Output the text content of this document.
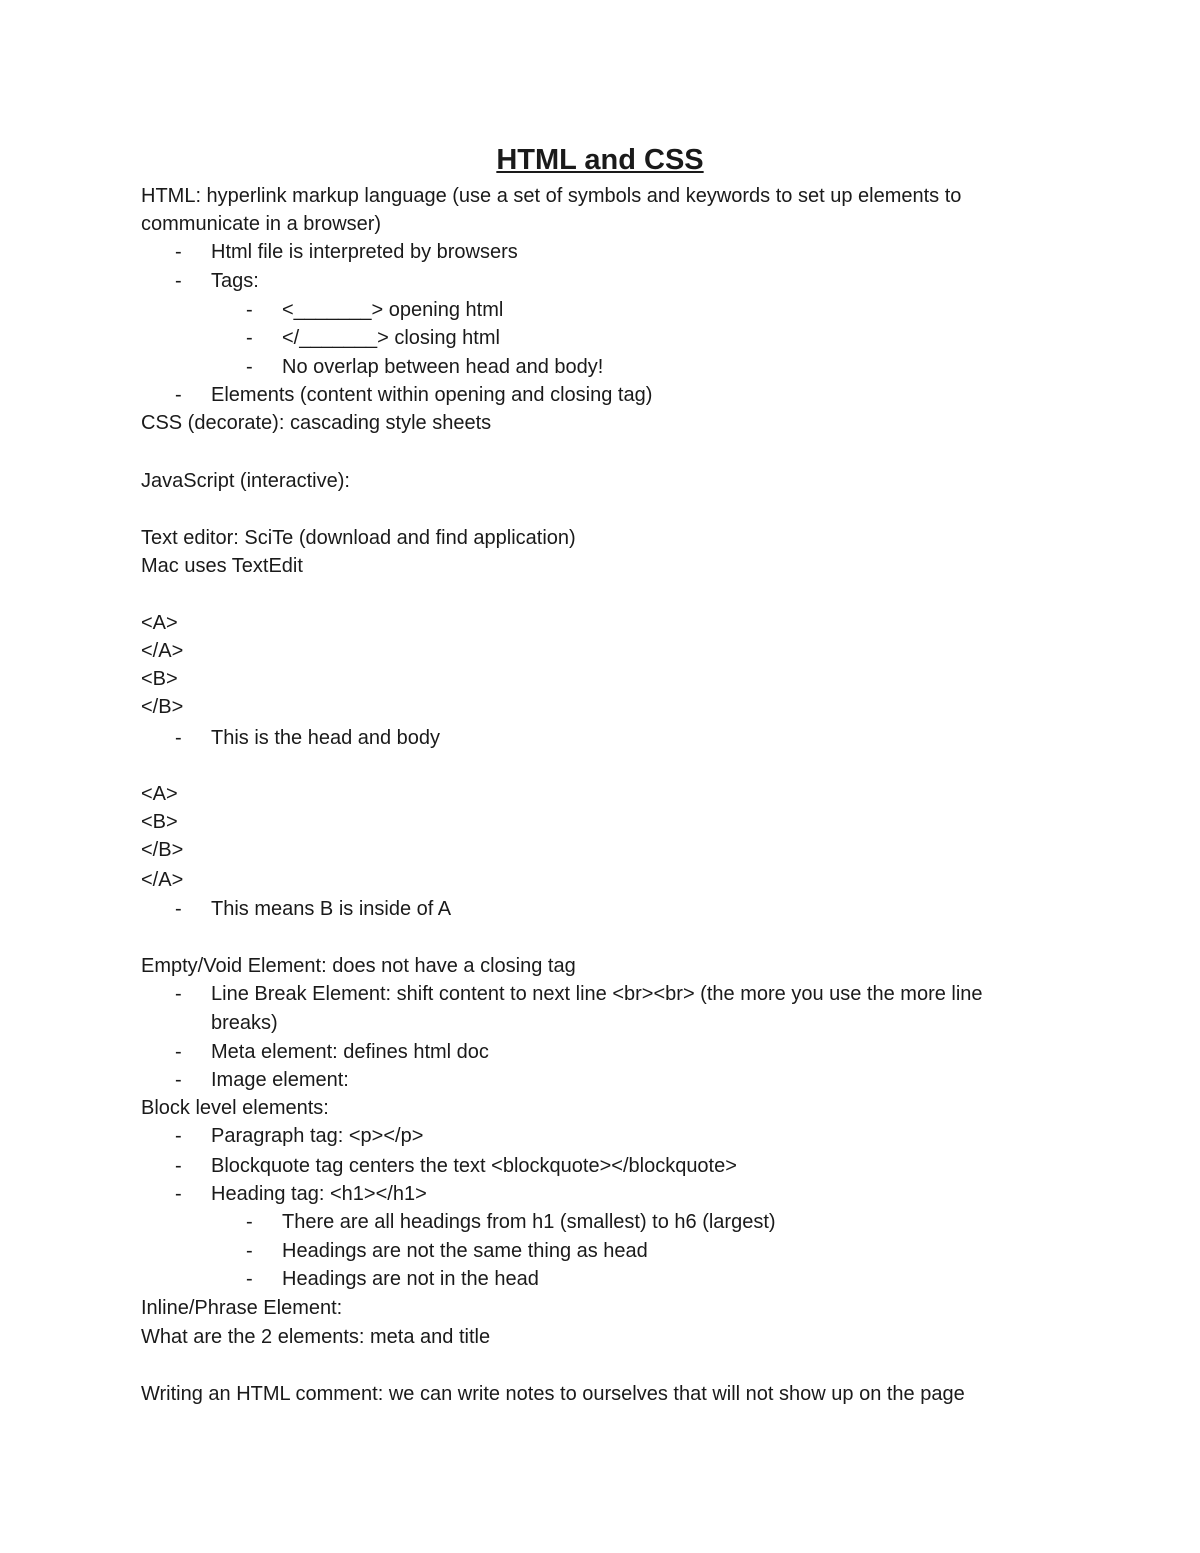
HTML and CSS
HTML: hyperlink markup language (use a set of symbols and keywords to set up elements to
communicate in a browser)
- Html file is interpreted by browsers
- Tags:
- <_______> opening html
- </_______> closing html
- No overlap between head and body!
- Elements (content within opening and closing tag)
CSS (decorate): cascading style sheets
JavaScript (interactive):
Text editor: SciTe (download and find application)
Mac uses TextEdit
<A>
</A>
<B>
</B>
- This is the head and body
<A>
<B>
</B>
</A>
- This means B is inside of A
Empty/Void Element: does not have a closing tag
- Line Break Element: shift content to next line <br><br> (the more you use the more line
breaks)
- Meta element: defines html doc
- Image element:
Block level elements:
- Paragraph tag: <p></p>
- Blockquote tag centers the text <blockquote></blockquote>
- Heading tag: <h1></h1>
- There are all headings from h1 (smallest) to h6 (largest)
- Headings are not the same thing as head
- Headings are not in the head
Inline/Phrase Element:
What are the 2 elements: meta and title
Writing an HTML comment: we can write notes to ourselves that will not show up on the page
